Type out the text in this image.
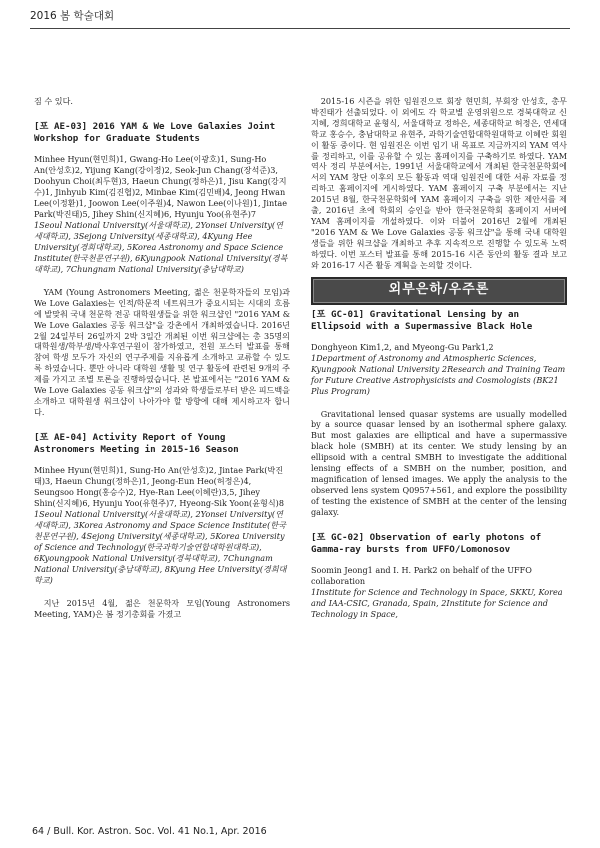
2016 봄 학술대회

짐 수 있다.

[포 AE-03] 2016 YAM & We Love Galaxies Joint Workshop for Graduate Students

Minhee Hyun(현민희)1, Gwang-Ho Lee(이광호)1, Sung-Ho An(안성호)2, Yijung Kang(강이정)2, Seok-Jun Chang(장석준)3, Doohyun Choi(최두현)3, Haeun Chung(정하은)1, Jisu Kang(강지수)1, Jinhyub Kim(김진협)2, Minbae Kim(김민배)4, Jeong Hwan Lee(이정환)1, Joowon Lee(이주원)4, Nawon Lee(이나원)1, Jintae Park(박진태)5, Jihey Shin(신지혜)6, Hyunju Yoo(유현주)7

1Seoul National University(서울대학교), 2Yonsei University(연세대학교), 3Sejong University(세종대학교), 4Kyung Hee University(경희대학교), 5Korea Astronomy and Space Science Institute(한국천문연구원), 6Kyungpook National University(경북대학교), 7Chungnam National University(충남대학교)

YAM (Young Astronomers Meeting, 젊은 천문학자들의 모임)과 We Love Galaxies는 인적/학문적 네트워크가 중요시되는 시대의 흐름에 발맞춰 국내 천문학 전공 대학원생들을 위한 워크샵인 "2016 YAM & We Love Galaxies 공동 워크샵"을 강촌에서 개최하였습니다. 2016년 2월 24일부터 26일까지 2박 3일간 개최된 이번 워크샵에는 총 35명의 대학원생/학부생/박사후연구원이 참가하였고, 전원 포스터 발표를 통해 참여 학생 모두가 자신의 연구주제를 지유롭게 소개하고 교류할 수 있도록 하였습니다. 뿐만 아니라 대학원 생활 및 연구 활동에 관련된 9개의 주제를 가지고 조별 토론을 진행하였습니다. 본 발표에서는 "2016 YAM & We Love Galaxies 공동 워크샵"의 성과와 학생들로부터 받은 피드백을 소개하고 대학원생 워크샵이 나아가야 할 방향에 대해 제시하고자 합니다.

[포 AE-04] Activity Report of Young Astronomers Meeting in 2015-16 Season

Minhee Hyun(현민희)1, Sung-Ho An(안성호)2, Jintae Park(박진태)3, Haeun Chung(정하은)1, Jeong-Eun Heo(허정은)4, Seungsoo Hong(홍승수)2, Hye-Ran Lee(이혜란)3,5, Jihey Shin(신지혜)6, Hyunju Yoo(유현주)7, Hyeong-Sik Yoon(윤형식)8

1Seoul National University(서울대학교), 2Yonsei University(연세대학교), 3Korea Astronomy and Space Science Institute(한국천문연구원), 4Sejong University(세종대학교), 5Korea University of Science and Technology(한국과학기술연합대학원대학교), 6Kyoungpook National University(경북대학교), 7Chungnam National University(충남대학교), 8Kyung Hee University(경희대학교)

지난 2015년 4월, 젊은 천문학자 모임(Young Astronomers Meeting, YAM)은 봄 정기총회를 가졌고

2015-16 시즌을 위한 임원진으로 회장 현민희, 부회장 안성호, 총무 박진태가 선출되었다. 이 외에도 각 학교별 운영위원으로 경북대학교 신지혜, 경희대학교 윤형식, 서울대학교 정하은, 세종대학교 허정은, 연세대학교 홍승수, 충남대학교 유현주, 과학기술연합대학원대학교 이혜란 회원이 활동 중이다. 현 임원진은 이번 임기 내 목표로 지금까지의 YAM 역사를 정리하고, 이를 공유할 수 있는 홈페이지를 구축하기로 하였다. YAM 역사 정리 부분에서는, 1991년 서울대학교에서 개최된 한국천문학회에서의 YAM 창단 이후의 모든 활동과 역대 임원진에 대한 서류 자료를 정리하고 홈페이지에 게시하였다. YAM 홈페이지 구축 부분에서는 지난 2015년 8월, 한국천문학회에 YAM 홈페이지 구축을 위한 제안서를 제출, 2016년 초에 학회의 승인을 받아 한국천문학회 홈페이지 서버에 YAM 홈페이지를 개설하였다. 이와 더불어 2016년 2월에 개최된 "2016 YAM & We Love Galaxies 공동 워크샵"을 통해 국내 대학원생들을 위한 워크샵을 개최하고 추후 지속적으로 진행할 수 있도록 노력하였다. 이번 포스터 발표를 통해 2015-16 시즌 동안의 활동 결과 보고와 2016-17 시즌 활동 계획을 논의할 것이다.

외부은하/우주론

[포 GC-01] Gravitational Lensing by an Ellipsoid with a Supermassive Black Hole

Donghyeon Kim1,2, and Myeong-Gu Park1,2

1Department of Astronomy and Atmospheric Sciences, Kyungpook National University 2Research and Training Team for Future Creative Astrophysicists and Cosmologists (BK21 Plus Program)

Gravitational lensed quasar systems are usually modelled by a source quasar lensed by an isothermal sphere galaxy. But most galaxies are elliptical and have a supermassive black hole (SMBH) at its center. We study lensing by an ellipsoid with a central SMBH to investigate the additional lensing effects of a SMBH on the number, position, and magnification of lensed images. We apply the analysis to the observed lens system Q0957+561, and explore the possibility of testing the existence of SMBH at the center of the lensing galaxy.

[포 GC-02] Observation of early photons of Gamma-ray bursts from UFFO/Lomonosov

Soomin Jeong1 and I. H. Park2 on behalf of the UFFO collaboration

1Institute for Science and Technology in Space, SKKU, Korea and IAA-CSIC, Granada, Spain, 2Institute for Science and Technology in Space,

64 / Bull. Kor. Astron. Soc. Vol. 41 No.1, Apr. 2016
